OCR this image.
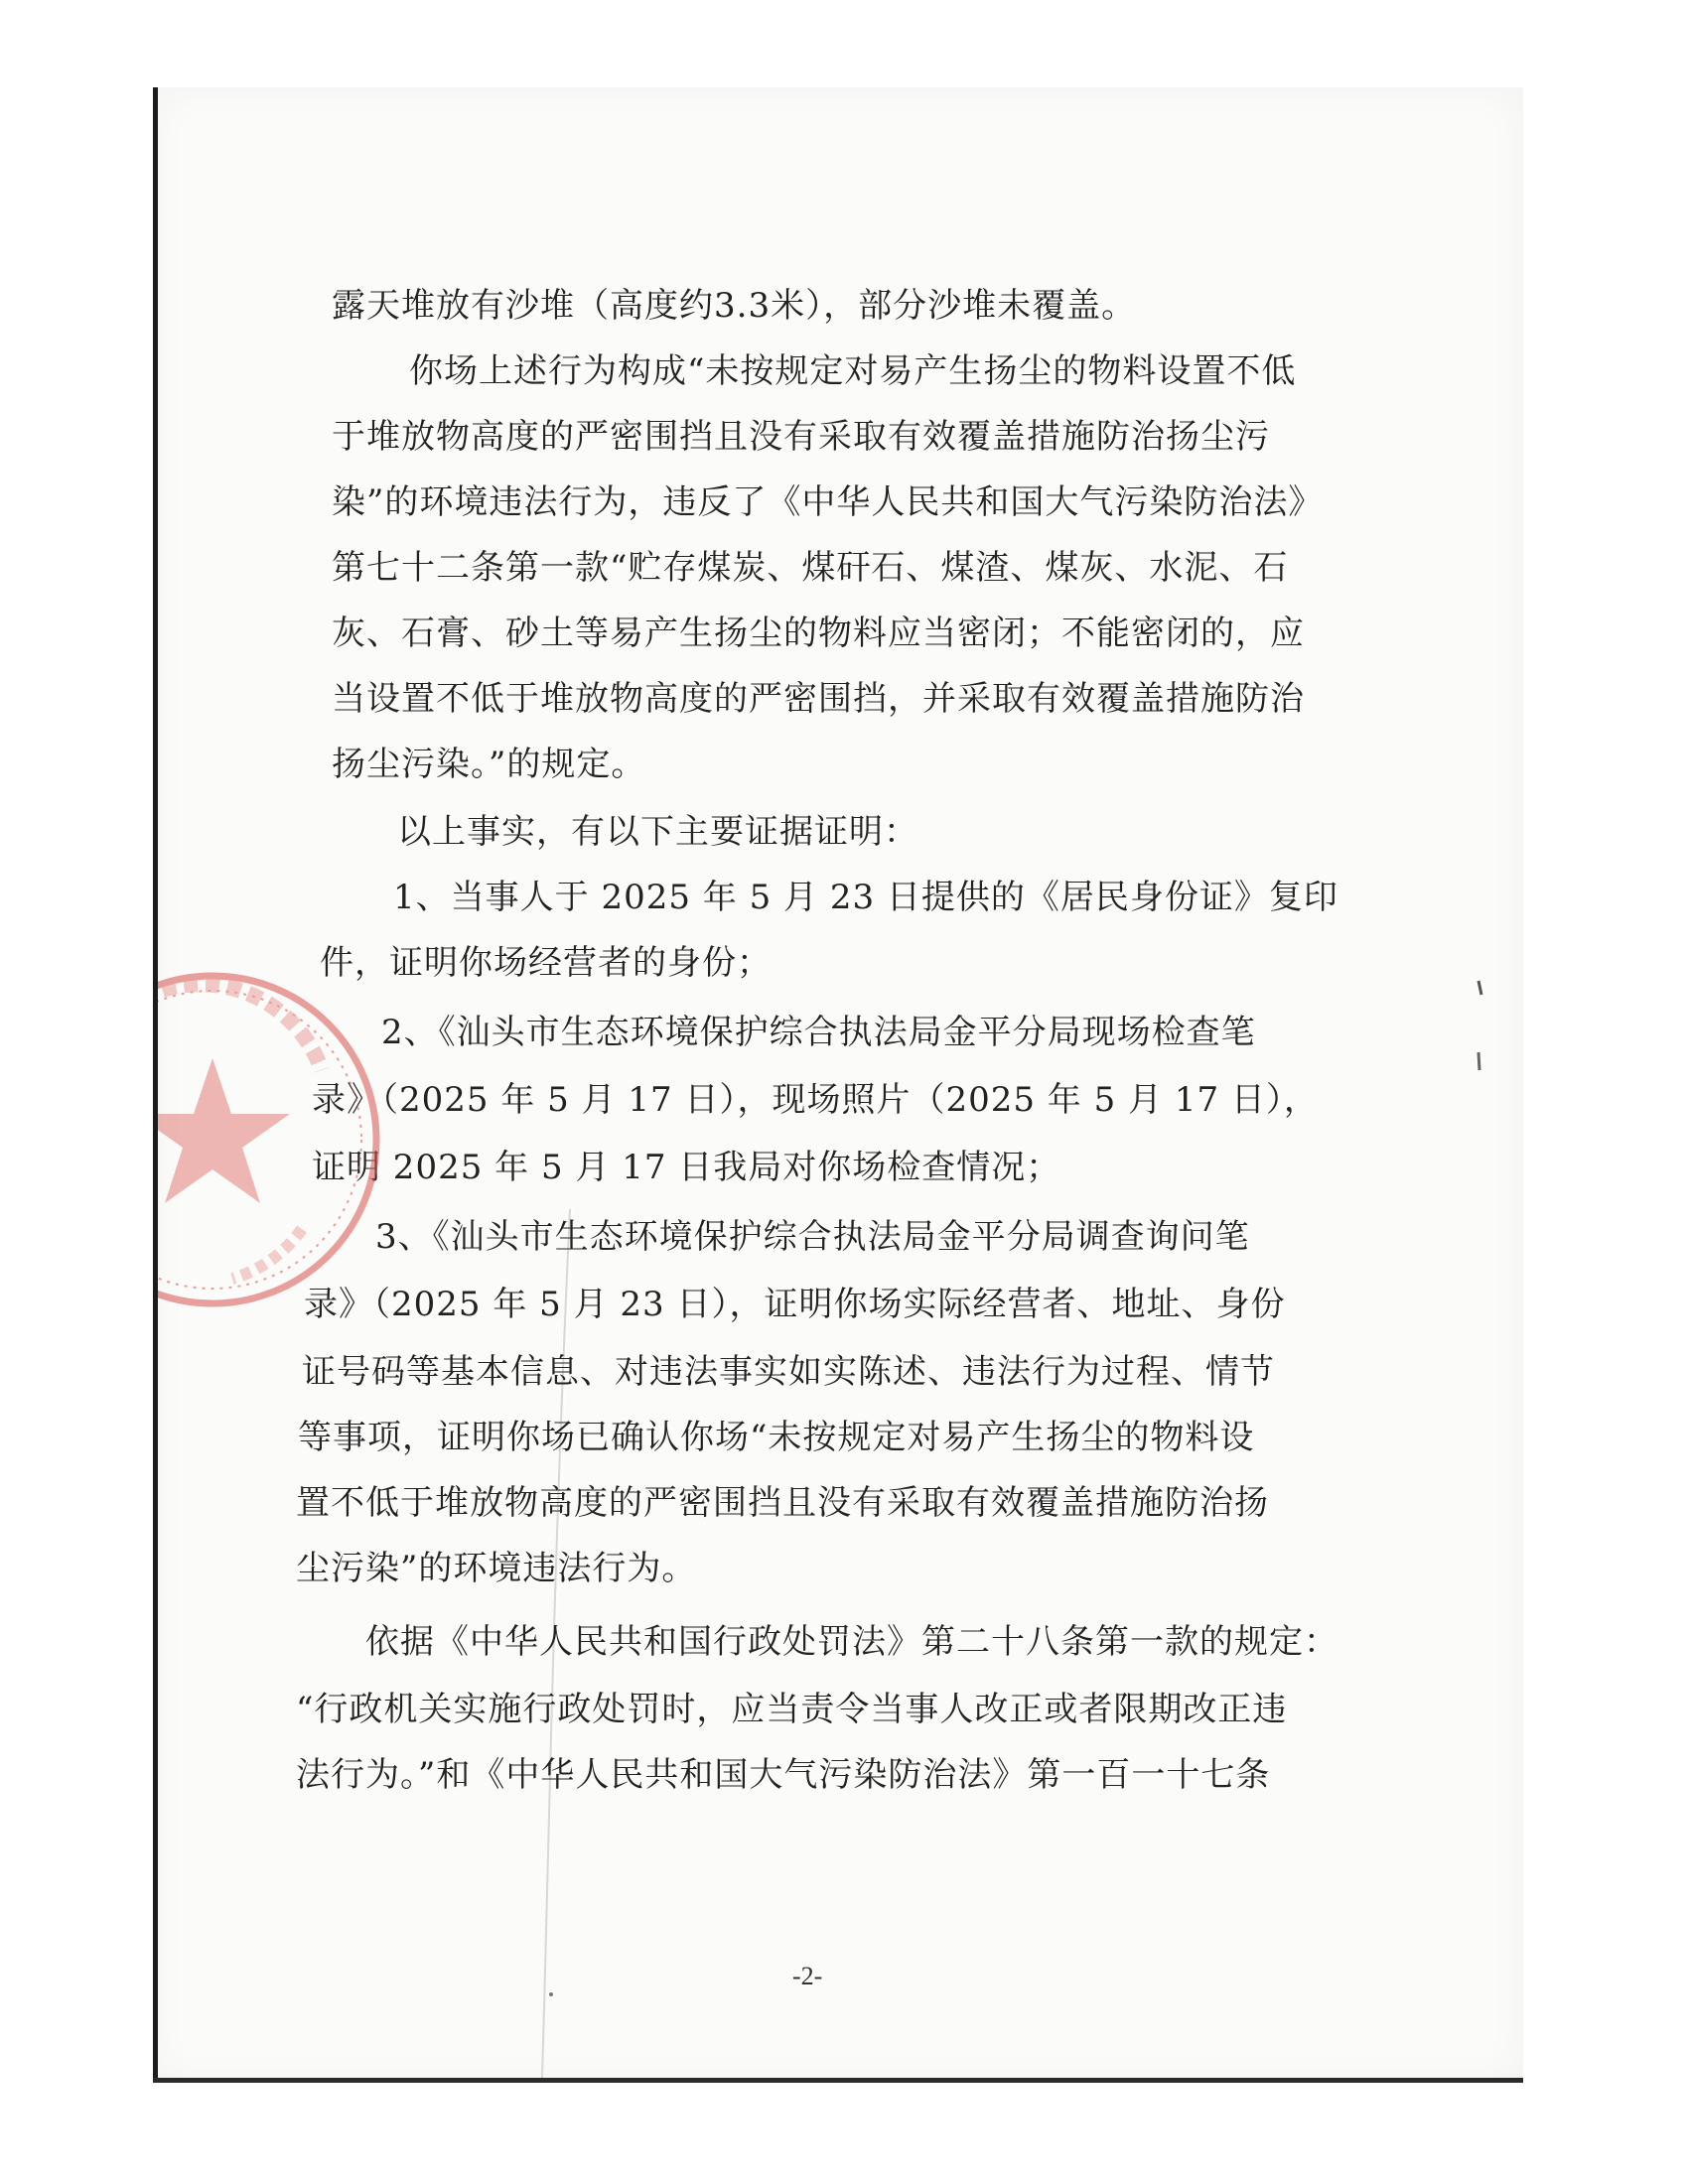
露天堆放有沙堆（高度约3.3米），部分沙堆未覆盖。
你场上述行为构成“未按规定对易产生扬尘的物料设置不低
于堆放物高度的严密围挡且没有采取有效覆盖措施防治扬尘污
染”的环境违法行为，违反了《中华人民共和国大气污染防治法》
第七十二条第一款“贮存煤炭、煤矸石、煤渣、煤灰、水泥、石
灰、石膏、砂土等易产生扬尘的物料应当密闭；不能密闭的，应
当设置不低于堆放物高度的严密围挡，并采取有效覆盖措施防治
扬尘污染。”的规定。
以上事实，有以下主要证据证明：
1、当事人于 2025 年 5 月 23 日提供的《居民身份证》复印
件，证明你场经营者的身份；
2、《汕头市生态环境保护综合执法局金平分局现场检查笔
录》（2025 年 5 月 17 日），现场照片（2025 年 5 月 17 日），
证明 2025 年 5 月 17 日我局对你场检查情况；
3、《汕头市生态环境保护综合执法局金平分局调查询问笔
录》（2025 年 5 月 23 日），证明你场实际经营者、地址、身份
证号码等基本信息、对违法事实如实陈述、违法行为过程、情节
等事项，证明你场已确认你场“未按规定对易产生扬尘的物料设
置不低于堆放物高度的严密围挡且没有采取有效覆盖措施防治扬
尘污染”的环境违法行为。
依据《中华人民共和国行政处罚法》第二十八条第一款的规定：
“行政机关实施行政处罚时，应当责令当事人改正或者限期改正违
法行为。”和《中华人民共和国大气污染防治法》第一百一十七条
-2-
